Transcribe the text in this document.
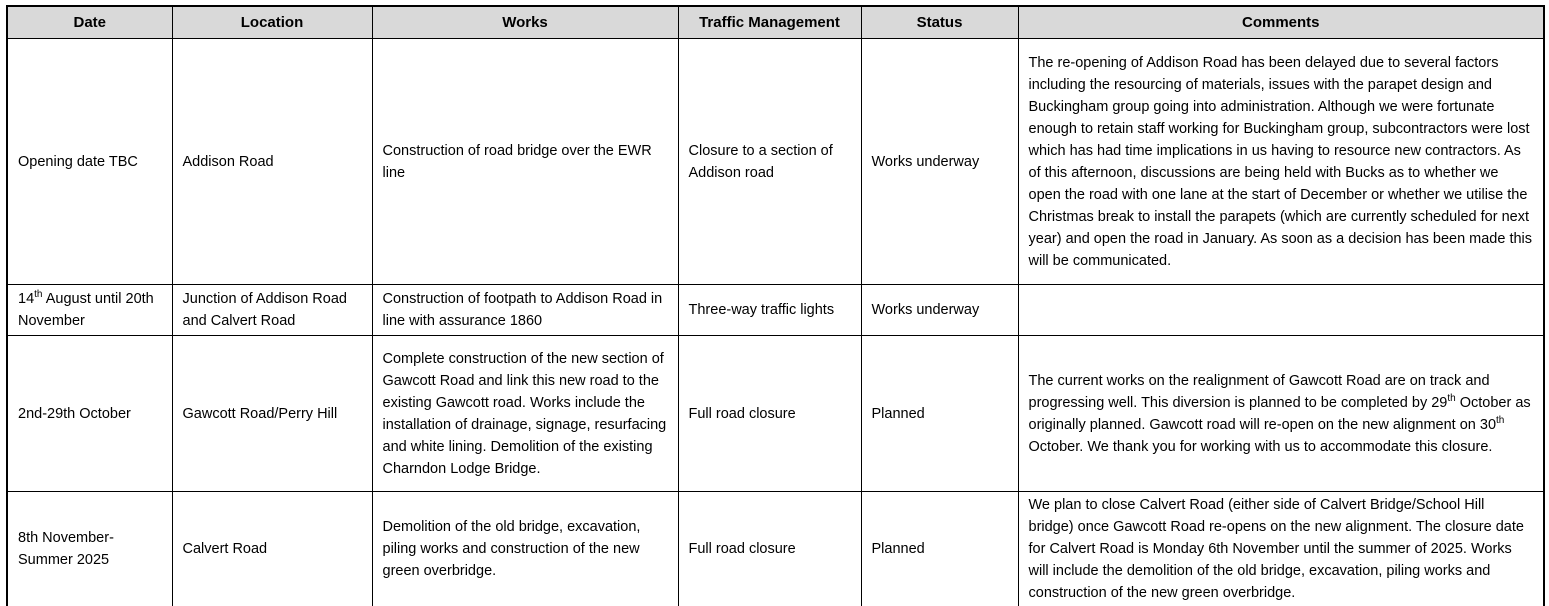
Date	Location	Works	Traffic Management	Status	Comments
Opening date TBC	Addison Road	Construction of road bridge over the EWR line	Closure to a section of Addison road	Works underway	The re-opening of Addison Road has been delayed due to several factors including the resourcing of materials, issues with the parapet design and Buckingham group going into administration. Although we were fortunate enough to retain staff working for Buckingham group, subcontractors were lost which has had time implications in us having to resource new contractors. As of this afternoon, discussions are being held with Bucks as to whether we open the road with one lane at the start of December or whether we utilise the Christmas break to install the parapets (which are currently scheduled for next year) and open the road in January. As soon as a decision has been made this will be communicated.
14th August until 20th November	Junction of Addison Road and Calvert Road	Construction of footpath to Addison Road in line with assurance 1860	Three-way traffic lights	Works underway	
2nd-29th October	Gawcott Road/Perry Hill	Complete construction of the new section of Gawcott Road and link this new road to the existing Gawcott road. Works include the installation of drainage, signage, resurfacing and white lining. Demolition of the existing Charndon Lodge Bridge.	Full road closure	Planned	The current works on the realignment of Gawcott Road are on track and progressing well. This diversion is planned to be completed by 29th October as originally planned. Gawcott road will re-open on the new alignment on 30th October. We thank you for working with us to accommodate this closure.
8th November-Summer 2025	Calvert Road	Demolition of the old bridge, excavation, piling works and construction of the new green overbridge.	Full road closure	Planned	We plan to close Calvert Road (either side of Calvert Bridge/School Hill bridge) once Gawcott Road re-opens on the new alignment. The closure date for Calvert Road is Monday 6th November until the summer of 2025. Works will include the demolition of the old bridge, excavation, piling works and construction of the new green overbridge.
